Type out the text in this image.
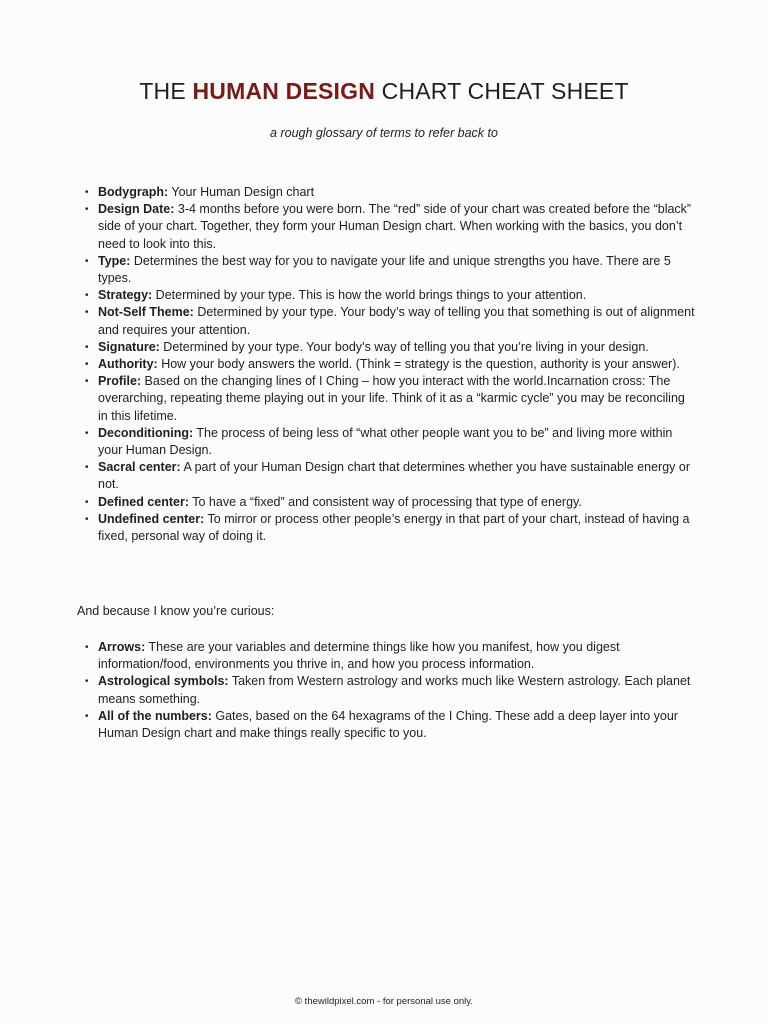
THE HUMAN DESIGN CHART CHEAT SHEET
a rough glossary of terms to refer back to
• Bodygraph: Your Human Design chart
• Design Date: 3-4 months before you were born. The “red” side of your chart was created before the “black” side of your chart. Together, they form your Human Design chart. When working with the basics, you don’t need to look into this.
• Type: Determines the best way for you to navigate your life and unique strengths you have. There are 5 types.
• Strategy: Determined by your type. This is how the world brings things to your attention.
• Not-Self Theme: Determined by your type. Your body’s way of telling you that something is out of alignment and requires your attention.
• Signature: Determined by your type. Your body’s way of telling you that you’re living in your design.
• Authority: How your body answers the world. (Think = strategy is the question, authority is your answer).
• Profile: Based on the changing lines of I Ching – how you interact with the world.Incarnation cross: The overarching, repeating theme playing out in your life. Think of it as a “karmic cycle” you may be reconciling in this lifetime.
• Deconditioning: The process of being less of “what other people want you to be” and living more within your Human Design.
• Sacral center: A part of your Human Design chart that determines whether you have sustainable energy or not.
• Defined center: To have a “fixed” and consistent way of processing that type of energy.
• Undefined center: To mirror or process other people’s energy in that part of your chart, instead of having a fixed, personal way of doing it.
And because I know you’re curious:
• Arrows: These are your variables and determine things like how you manifest, how you digest information/food, environments you thrive in, and how you process information.
• Astrological symbols: Taken from Western astrology and works much like Western astrology. Each planet means something.
• All of the numbers: Gates, based on the 64 hexagrams of the I Ching. These add a deep layer into your Human Design chart and make things really specific to you.
© thewildpixel.com - for personal use only.
